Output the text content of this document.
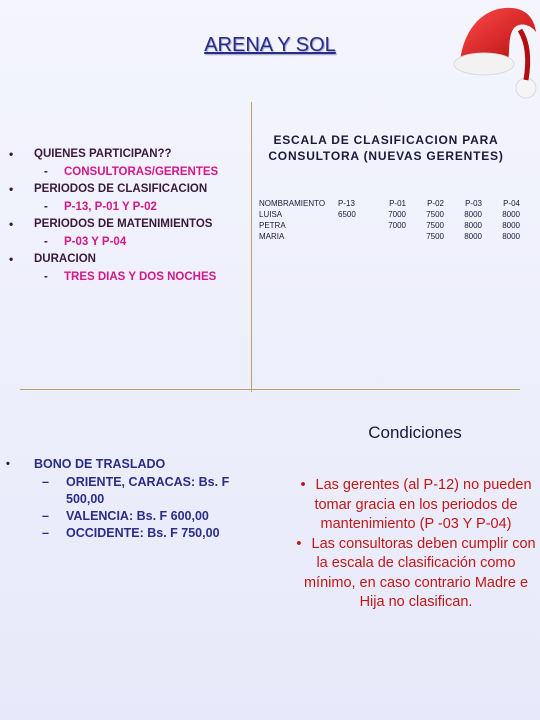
ARENA Y SOL
• QUIENES PARTICIPAN??
- CONSULTORAS/GERENTES
• PERIODOS DE CLASIFICACION
- P-13, P-01 Y P-02
• PERIODOS DE MATENIMIENTOS
- P-03 Y P-04
• DURACION
- TRES DIAS Y DOS NOCHES
ESCALA DE CLASIFICACION PARA CONSULTORA (NUEVAS GERENTES)
NOMBRAMIENTO	P-13	P-01	P-02	P-03	P-04
LUISA	6500	7000	7500	8000	8000
PETRA		7000	7500	8000	8000
MARIA			7500	8000	8000
Condiciones
• BONO DE TRASLADO
– ORIENTE, CARACAS: Bs. F 500,00
– VALENCIA: Bs. F 600,00
– OCCIDENTE: Bs. F 750,00
• Las gerentes (al P-12) no pueden tomar gracia en los periodos de mantenimiento (P -03 Y P-04)
• Las consultoras deben cumplir con la escala de clasificación como mínimo, en caso contrario Madre e Hija no clasifican.
